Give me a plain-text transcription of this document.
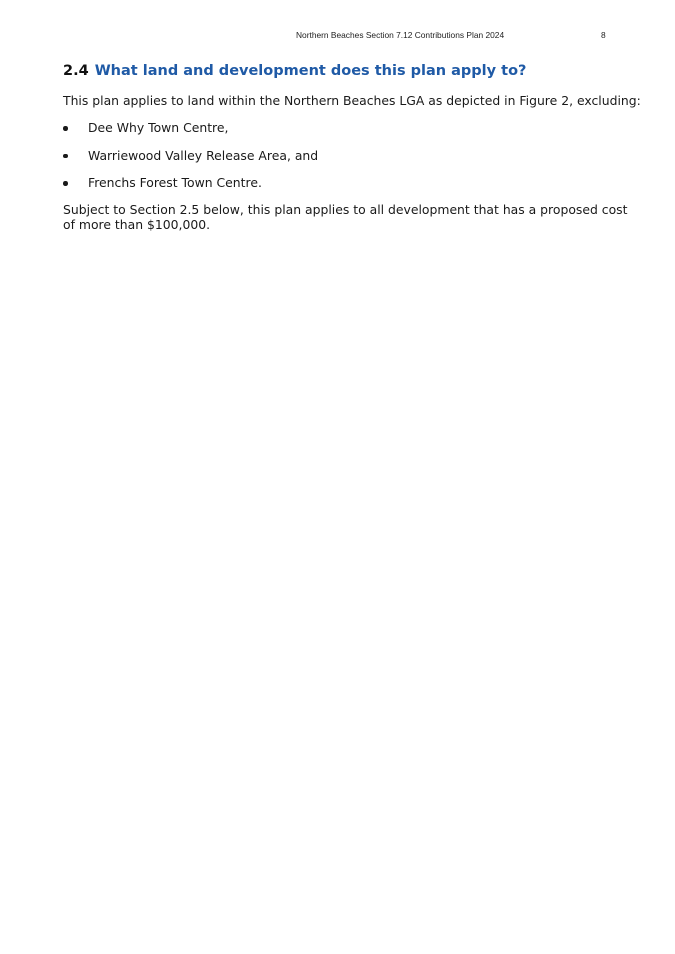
Northern Beaches Section 7.12 Contributions Plan 2024	8
2.4 What land and development does this plan apply to?

This plan applies to land within the Northern Beaches LGA as depicted in Figure 2, excluding:

Dee Why Town Centre,
Warriewood Valley Release Area, and
Frenchs Forest Town Centre.

Subject to Section 2.5 below, this plan applies to all development that has a proposed cost of more than $100,000.
